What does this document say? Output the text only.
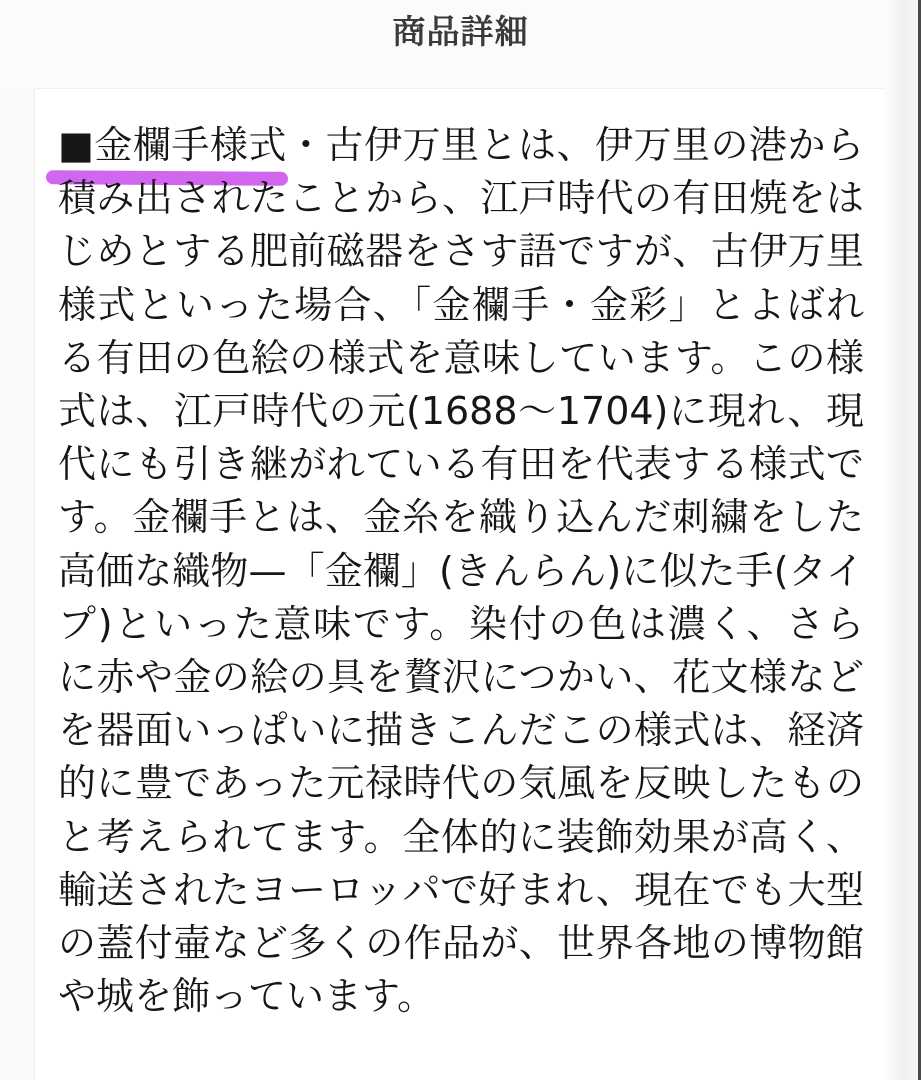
商品詳細
■金欄手様式・古伊万里とは、伊万里の港から
積み出されたことから、江戸時代の有田焼をは
じめとする肥前磁器をさす語ですが、古伊万里
様式といった場合、「金襴手・金彩」とよばれ
る有田の色絵の様式を意味しています。この様
式は、江戸時代の元(1688〜1704)に現れ、現
代にも引き継がれている有田を代表する様式で
す。金襴手とは、金糸を織り込んだ刺繍をした
高価な織物—「金襴」(きんらん)に似た手(タイ
プ)といった意味です。染付の色は濃く、さら
に赤や金の絵の具を贅沢につかい、花文様など
を器面いっぱいに描きこんだこの様式は、経済
的に豊であった元禄時代の気風を反映したもの
と考えられてます。全体的に装飾効果が高く、
輸送されたヨーロッパで好まれ、現在でも大型
の蓋付壷など多くの作品が、世界各地の博物館
や城を飾っています。
